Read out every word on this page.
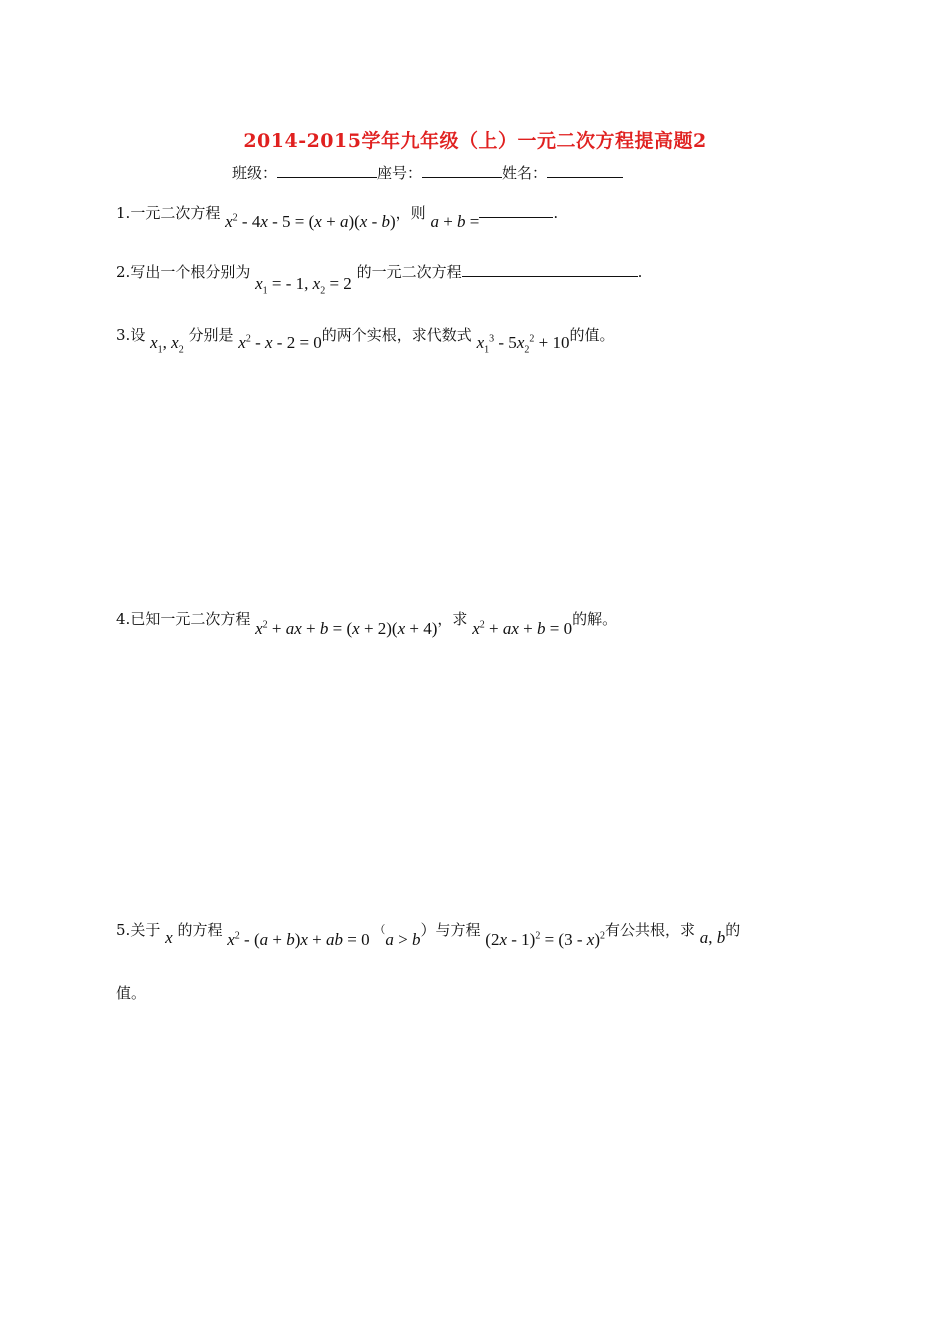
2014-2015学年九年级（上）一元二次方程提高题2
班级：	座号：	姓名：
1.一元二次方程 $x^2 - 4x - 5 = (x + a)(x - b)$，则 a + b =	.
2.写出一个根分别为 $x_1$ = - 1, $x_2 = 2$ 的一元二次方程	.
3.设 $x_1$, $x_2$ 分别是 $x^2 - x - 2 = 0$的两个实根，求代数式 $x_1^3 - 5x_2^2 + 10$的值。
4.已知一元二次方程 $x^2$ + ax + b = (x + 2)(x + 4)，求 $x^2$ + ax + b = 0的解。
5.关于 x 的方程 $x^2 - (a + b)x$ + ab = 0 （a > b）与方程 (2x - 1)$^2$ = (3 - x)$^2$有公共根，求 a, b的
值。
